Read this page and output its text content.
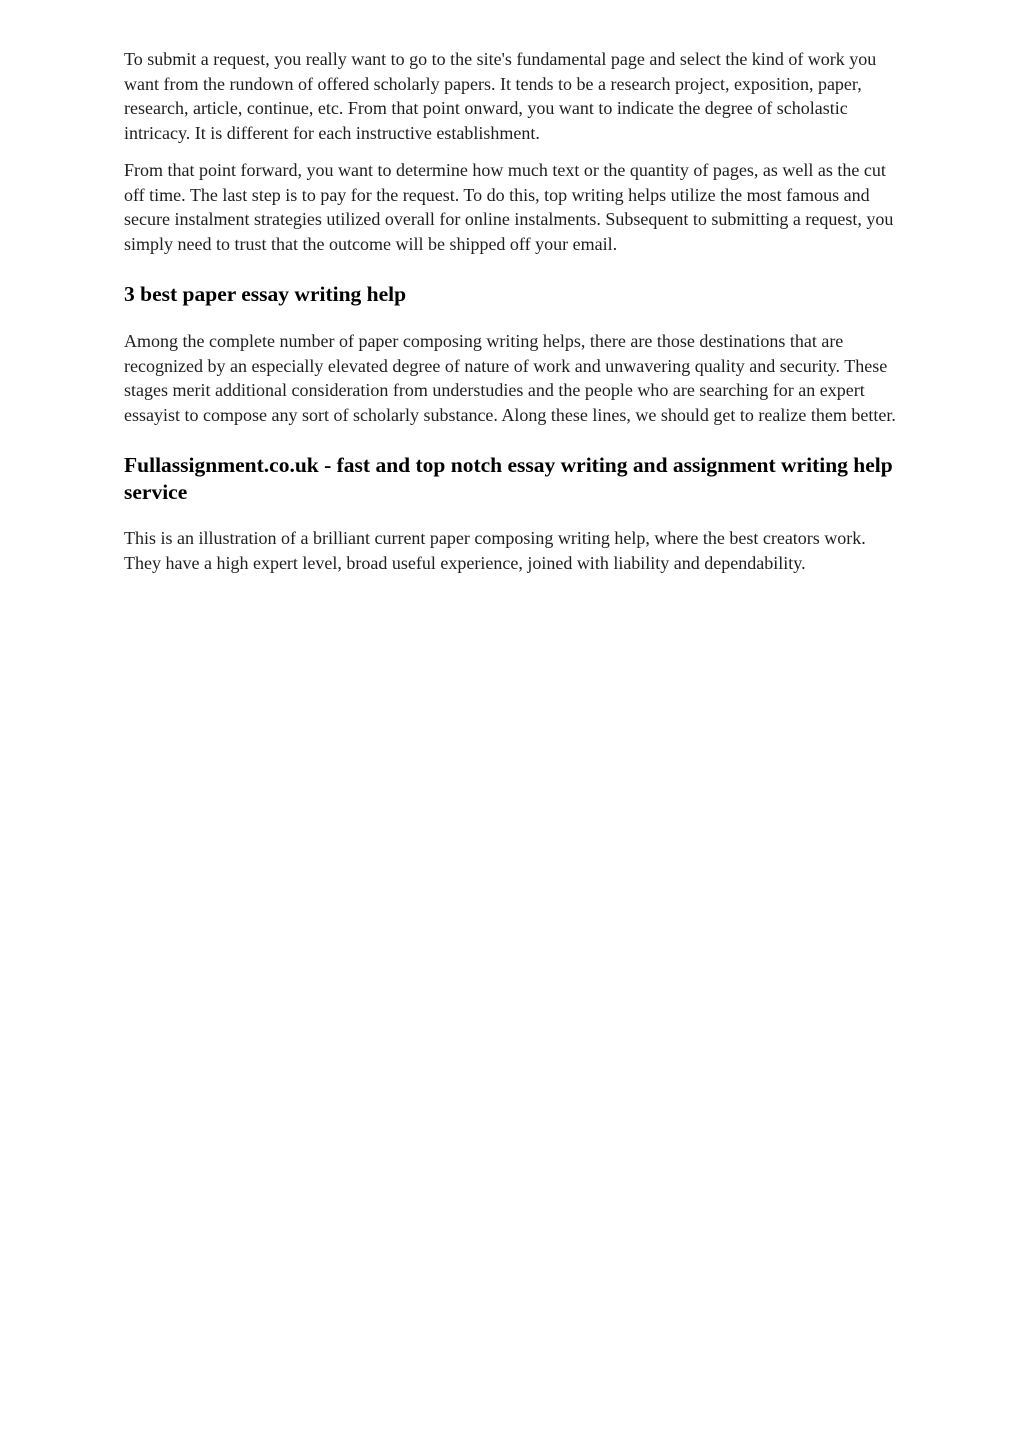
To submit a request, you really want to go to the site's fundamental page and select the kind of work you want from the rundown of offered scholarly papers. It tends to be a research project, exposition, paper, research, article, continue, etc. From that point onward, you want to indicate the degree of scholastic intricacy. It is different for each instructive establishment.

From that point forward, you want to determine how much text or the quantity of pages, as well as the cut off time. The last step is to pay for the request. To do this, top writing helps utilize the most famous and secure instalment strategies utilized overall for online instalments. Subsequent to submitting a request, you simply need to trust that the outcome will be shipped off your email.

3 best paper essay writing help

Among the complete number of paper composing writing helps, there are those destinations that are recognized by an especially elevated degree of nature of work and unwavering quality and security. These stages merit additional consideration from understudies and the people who are searching for an expert essayist to compose any sort of scholarly substance. Along these lines, we should get to realize them better.

Fullassignment.co.uk - fast and top notch essay writing and assignment writing help service

This is an illustration of a brilliant current paper composing writing help, where the best creators work. They have a high expert level, broad useful experience, joined with liability and dependability.
